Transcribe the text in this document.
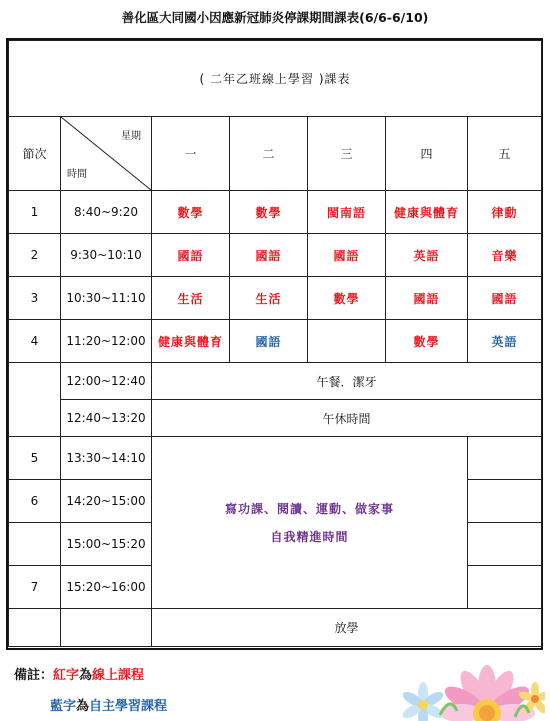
善化區大同國小因應新冠肺炎停課期間課表(6/6-6/10)
( 二年乙班線上學習 )課表						
節次	星期
時間	一	二	三	四	五
1	8:40~9:20	數學	數學	閩南語	健康與體育	律動
2	9:30~10:10	國語	國語	國語	英語	音樂
3	10:30~11:10	生活	生活	數學	國語	國語
4	11:20~12:00	健康與體育	國語		數學	英語
	12:00~12:40	午餐．潔牙				
	12:40~13:20	午休時間				
5	13:30~14:10	寫功課、閱讀、運動、做家事
自我精進時間				

6	14:20~15:00					
	15:00~15:20					
7	15:20~16:00					
		放學				
備註：紅字為線上課程
藍字為自主學習課程
